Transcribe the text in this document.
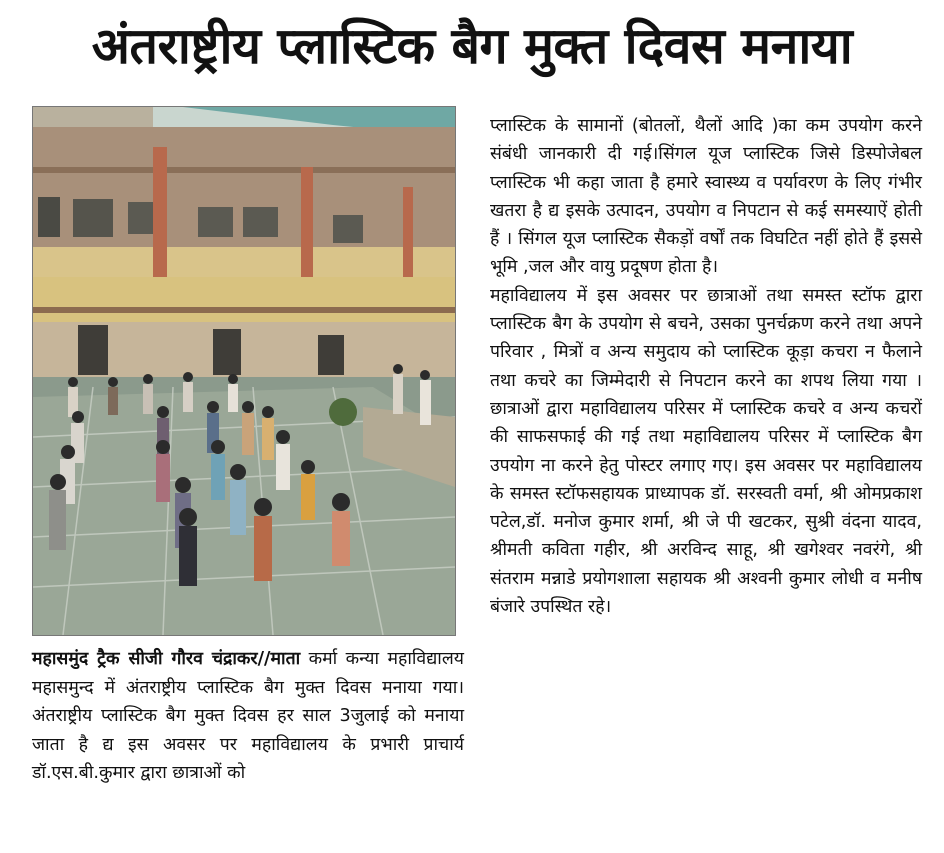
अंतराष्ट्रीय प्लास्टिक बैग मुक्त दिवस मनाया

महासमुंद ट्रैक सीजी गौरव चंद्राकर//माता कर्मा कन्या महाविद्यालय महासमुन्द में अंतराष्ट्रीय प्लास्टिक बैग मुक्त दिवस मनाया गया। अंतराष्ट्रीय प्लास्टिक बैग मुक्त दिवस हर साल 3जुलाई को मनाया जाता है द्य इस अवसर पर महाविद्यालय के प्रभारी प्राचार्य डॉ.एस.बी.कुमार द्वारा छात्राओं को

प्लास्टिक के सामानों (बोतलों, थैलों आदि )का कम उपयोग करने संबंधी जानकारी दी गई।सिंगल यूज प्लास्टिक जिसे डिस्पोजेबल प्लास्टिक भी कहा जाता है हमारे स्वास्थ्य व पर्यावरण के लिए गंभीर खतरा है द्य इसके उत्पादन, उपयोग व निपटान से कई समस्याऐं होती हैं । सिंगल यूज प्लास्टिक सैकड़ों वर्षों तक विघटित नहीं होते हैं इससे भूमि ,जल और वायु प्रदूषण होता है।

महाविद्यालय में इस अवसर पर छात्राओं तथा समस्त स्टॉफ द्वारा प्लास्टिक बैग के उपयोग से बचने, उसका पुनर्चक्रण करने तथा अपने परिवार , मित्रों व अन्य समुदाय को प्लास्टिक कूड़ा कचरा न फैलाने तथा कचरे का जिम्मेदारी से निपटान करने का शपथ लिया गया । छात्राओं द्वारा महाविद्यालय परिसर में प्लास्टिक कचरे व अन्य कचरों की साफसफाई की गई तथा महाविद्यालय परिसर में प्लास्टिक बैग उपयोग ना करने हेतु पोस्टर लगाए गए। इस अवसर पर महाविद्यालय के समस्त स्टॉफसहायक प्राध्यापक डॉ. सरस्वती वर्मा, श्री ओमप्रकाश पटेल,डॉ. मनोज कुमार शर्मा, श्री जे पी खटकर, सुश्री वंदना यादव, श्रीमती कविता गहीर, श्री अरविन्द साहू, श्री खगेश्वर नवरंगे, श्री संतराम मन्नाडे प्रयोगशाला सहायक श्री अश्वनी कुमार लोधी व मनीष बंजारे उपस्थित रहे।
